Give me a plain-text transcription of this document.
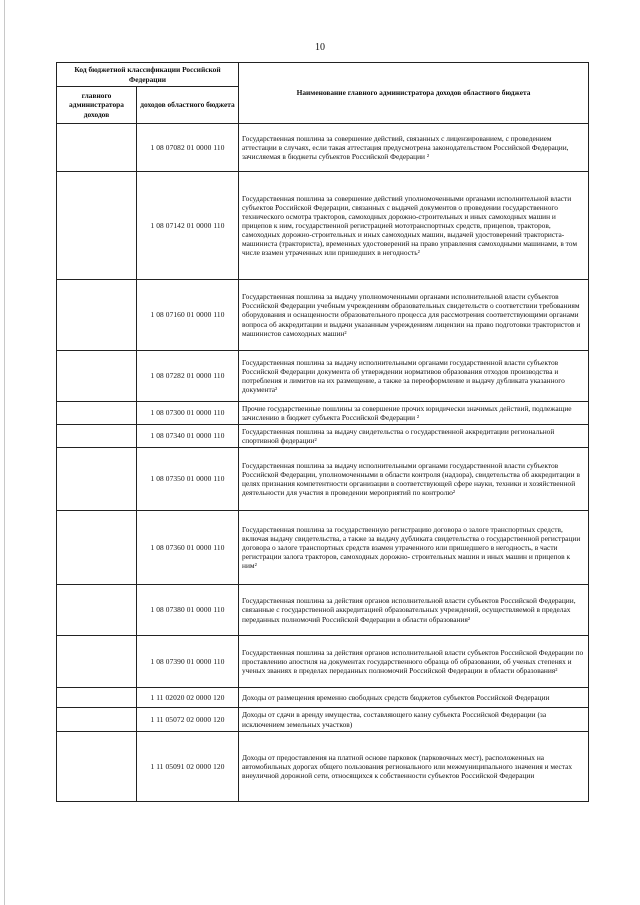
10
Код бюджетной классификации Российской Федерации		Наименование главного администратора доходов областного бюджета
главного администратора доходов	доходов областного бюджета	
	1 08 07082 01 0000 110	Государственная пошлина за совершение действий, связанных с лицензированием, с проведением аттестации в случаях, если такая аттестация предусмотрена законодательством Российской Федерации, зачисляемая в бюджеты субъектов Российской Федерации ²
	1 08 07142 01 0000 110	Государственная пошлина за совершение действий уполномоченными органами исполнительной власти субъектов Российской Федерации, связанных с выдачей документов о проведении государственного технического осмотра тракторов, самоходных дорожно-строительных и иных самоходных машин и прицепов к ним, государственной регистрацией мототранспортных средств, прицепов, тракторов, самоходных дорожно-строительных и иных самоходных машин, выдачей удостоверений тракториста-машиниста (тракториста), временных удостоверений на право управления самоходными машинами, в том числе взамен утраченных или пришедших в негодность²
	1 08 07160 01 0000 110	Государственная пошлина за выдачу уполномоченными органами исполнительной власти субъектов Российской Федерации учебным учреждениям образовательных свидетельств о соответствии требованиям оборудования и оснащенности образовательного процесса для рассмотрения соответствующими органами вопроса об аккредитации и выдачи указанным учреждениям лицензии на право подготовки трактористов и машинистов самоходных машин²
	1 08 07282 01 0000 110	Государственная пошлина за выдачу исполнительными органами государственной власти субъектов Российской Федерации документа об утверждении нормативов образования отходов производства и потребления и лимитов на их размещение, а также за переоформление и выдачу дубликата указанного документа²
	1 08 07300 01 0000 110	Прочие государственные пошлины за совершение прочих юридически значимых действий, подлежащие зачислению в бюджет субъекта Российской Федерации ²
	1 08 07340 01 0000 110	Государственная пошлина за выдачу свидетельства о государственной аккредитации региональной спортивной федерации²
	1 08 07350 01 0000 110	Государственная пошлина за выдачу исполнительными органами государственной власти субъектов Российской Федерации, уполномоченными в области контроля (надзора), свидетельства об аккредитации в целях признания компетентности организации в соответствующей сфере науки, техники и хозяйственной деятельности для участия в проведении мероприятий по контролю²
	1 08 07360 01 0000 110	Государственная пошлина за государственную регистрацию договора о залоге транспортных средств, включая выдачу свидетельства, а также за выдачу дубликата свидетельства о государственной регистрации договора о залоге транспортных средств взамен утраченного или пришедшего в негодность, в части регистрации залога тракторов, самоходных дорожно- строительных машин и иных машин и прицепов к ним²
	1 08 07380 01 0000 110	Государственная пошлина за действия органов исполнительной власти субъектов Российской Федерации, связанные с государственной аккредитацией образовательных учреждений, осуществляемой в пределах переданных полномочий Российской Федерации в области образования²
	1 08 07390 01 0000 110	Государственная пошлина за действия органов исполнительной власти субъектов Российской Федерации по проставлению апостиля на документах государственного образца об образовании, об ученых степенях и ученых званиях в пределах переданных полномочий Российской Федерации в области образования²
	1 11 02020 02 0000 120	Доходы от размещения временно свободных средств бюджетов субъектов Российской Федерации
	1 11 05072 02 0000 120	Доходы от сдачи в аренду имущества, составляющего казну субъекта Российской Федерации (за исключением земельных участков)
	1 11 05091 02 0000 120	Доходы от предоставления на платной основе парковок (парковочных мест), расположенных на автомобильных дорогах общего пользования регионального или межмуниципального значения и местах внеуличной дорожной сети, относящихся к собственности субъектов Российской Федерации
